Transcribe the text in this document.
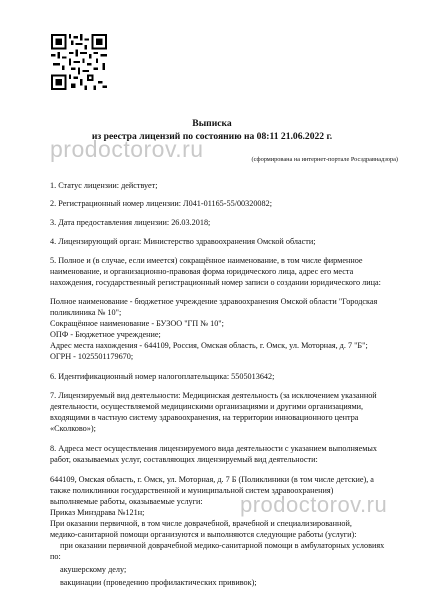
Выписка
из реестра лицензий по состоянию на 08:11 21.06.2022 г.
prodoctorov.ru
prodoctorov.ru
(сформирована на интернет-портале Росздравнадзора)
1. Статус лицензии: действует;
2. Регистрационный номер лицензии: Л041-01165-55/00320082;
3. Дата предоставления лицензии: 26.03.2018;
4. Лицензирующий орган: Министерство здравоохранения Омской области;
5. Полное и (в случае, если имеется) сокращённое наименование, в том числе фирменное
наименование, и организационно-правовая форма юридического лица, адрес его места
нахождения, государственный регистрационный номер записи о создании юридического лица:
Полное наименование - бюджетное учреждение здравоохранения Омской области "Городская
поликлиника № 10";
Сокращённое наименование - БУЗОО "ГП № 10";
ОПФ - Бюджетное учреждение;
Адрес места нахождения - 644109, Россия, Омская область, г. Омск, ул. Моторная, д. 7 "Б";
ОГРН - 1025501179670;
6. Идентификационный номер налогоплательщика: 5505013642;
7. Лицензируемый вид деятельности: Медицинская деятельность (за исключением указанной
деятельности, осуществляемой медицинскими организациями и другими организациями,
входящими в частную систему здравоохранения, на территории инновационного центра
«Сколково»);
8. Адреса мест осуществления лицензируемого вида деятельности с указанием выполняемых
работ, оказываемых услуг, составляющих лицензируемый вид деятельности:
644109, Омская область, г. Омск, ул. Моторная, д. 7 Б (Поликлиники (в том числе детские), а
также поликлиники государственной и муниципальной систем здравоохранения)
выполняемые работы, оказываемые услуги:
Приказ Минздрава №121н;
При оказании первичной, в том числе доврачебной, врачебной и специализированной,
медико-санитарной помощи организуются и выполняются следующие работы (услуги):
при оказании первичной доврачебной медико-санитарной помощи в амбулаторных условиях
по:
акушерскому делу;
вакцинации (проведению профилактических прививок);
